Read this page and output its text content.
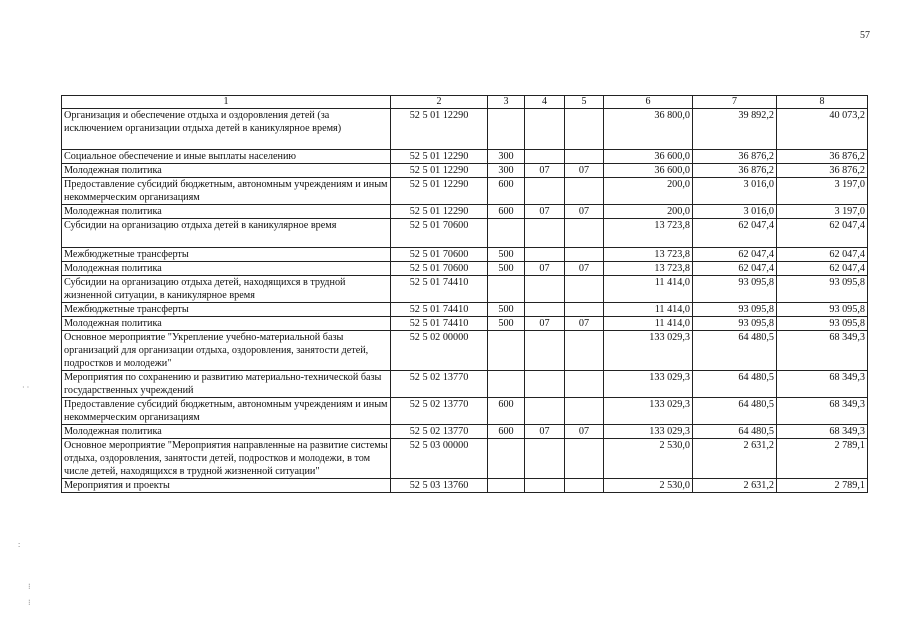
57
1	2	3	4	5	6	7	8
Организация и обеспечение отдыха и оздоровления детей (за исключением организации отдыха детей в каникулярное время)	52 5 01 12290				36 800,0	39 892,2	40 073,2
Социальное обеспечение и иные выплаты населению	52 5 01 12290	300			36 600,0	36 876,2	36 876,2
Молодежная политика	52 5 01 12290	300	07	07	36 600,0	36 876,2	36 876,2
Предоставление субсидий бюджетным, автономным учреждениям и иным некоммерческим организациям	52 5 01 12290	600			200,0	3 016,0	3 197,0
Молодежная политика	52 5 01 12290	600	07	07	200,0	3 016,0	3 197,0
Субсидии на организацию отдыха детей в каникулярное время	52 5 01 70600				13 723,8	62 047,4	62 047,4
Межбюджетные трансферты	52 5 01 70600	500			13 723,8	62 047,4	62 047,4
Молодежная политика	52 5 01 70600	500	07	07	13 723,8	62 047,4	62 047,4
Субсидии на организацию отдыха детей, находящихся в трудной жизненной ситуации, в каникулярное время	52 5 01 74410				11 414,0	93 095,8	93 095,8
Межбюджетные трансферты	52 5 01 74410	500			11 414,0	93 095,8	93 095,8
Молодежная политика	52 5 01 74410	500	07	07	11 414,0	93 095,8	93 095,8
Основное мероприятие "Укрепление учебно-материальной базы организаций для организации отдыха, оздоровления, занятости детей, подростков и молодежи"	52 5 02 00000				133 029,3	64 480,5	68 349,3
Мероприятия по сохранению и развитию материально-технической базы государственных учреждений	52 5 02 13770				133 029,3	64 480,5	68 349,3
Предоставление субсидий бюджетным, автономным учреждениям и иным некоммерческим организациям	52 5 02 13770	600			133 029,3	64 480,5	68 349,3
Молодежная политика	52 5 02 13770	600	07	07	133 029,3	64 480,5	68 349,3
Основное мероприятие "Мероприятия направленные на развитие системы отдыха, оздоровления, занятости детей, подростков и молодежи, в том числе детей, находящихся в трудной жизненной ситуации"	52 5 03 00000				2 530,0	2 631,2	2 789,1
Мероприятия и проекты	52 5 03 13760				2 530,0	2 631,2	2 789,1
· ·
:
⁝
⁝
